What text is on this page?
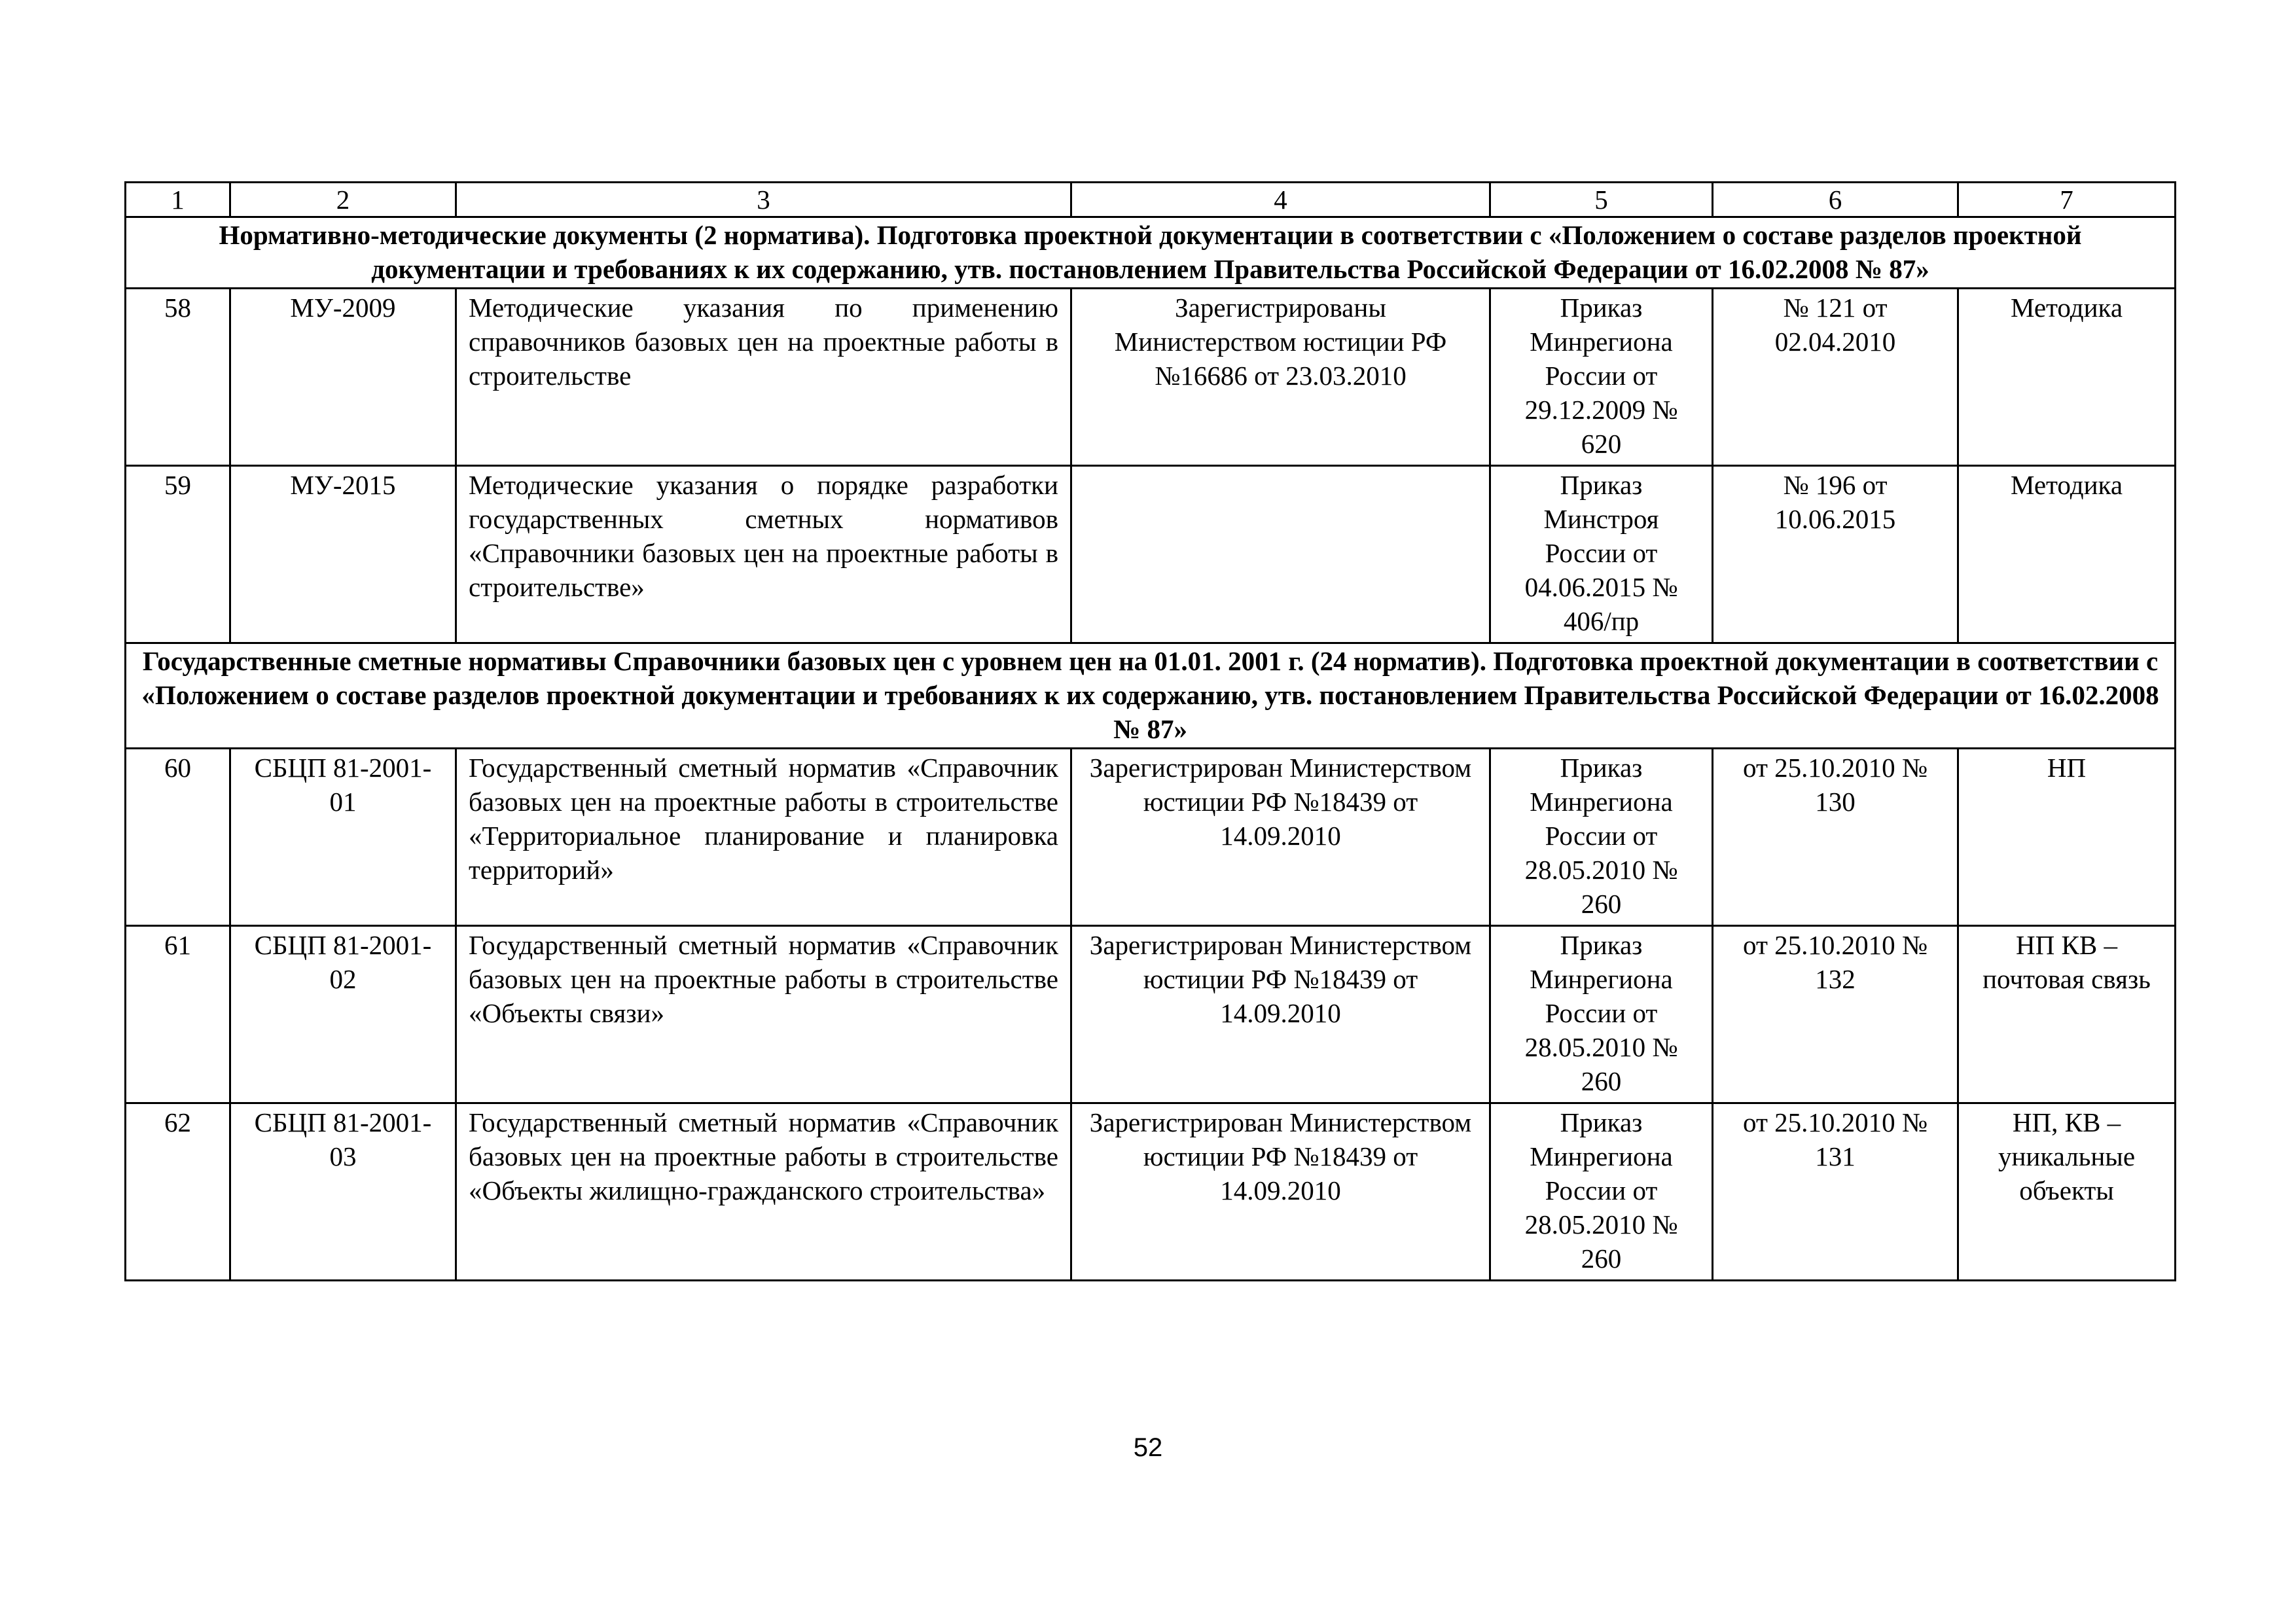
1	2	3	4	5	6	7
Нормативно-методические документы (2 норматива). Подготовка проектной документации в соответствии с «Положением о составе разделов проектной документации и требованиях к их содержанию, утв. постановлением Правительства Российской Федерации от 16.02.2008 № 87»						
58	МУ-2009	Методические указания по применению справочников базовых цен на проектные работы в строительстве	Зарегистрированы Министерством юстиции РФ №16686 от 23.03.2010	Приказ Минрегиона России от 29.12.2009 № 620	№ 121 от 02.04.2010	Методика
59	МУ-2015	Методические указания о порядке разработки государственных сметных нормативов «Справочники базовых цен на проектные работы в строительстве»		Приказ Минстроя России от 04.06.2015 № 406/пр	№ 196 от 10.06.2015	Методика
Государственные сметные нормативы Справочники базовых цен с уровнем цен на 01.01. 2001 г. (24 норматив). Подготовка проектной документации в соответствии с «Положением о составе разделов проектной документации и требованиях к их содержанию, утв. постановлением Правительства Российской Федерации от 16.02.2008 № 87»						
60	СБЦП 81-2001-01	Государственный сметный норматив «Справочник базовых цен на проектные работы в строительстве «Территориальное планирование и планировка территорий»	Зарегистрирован Министерством юстиции РФ №18439 от 14.09.2010	Приказ Минрегиона России от 28.05.2010 № 260	от 25.10.2010 № 130	НП
61	СБЦП 81-2001-02	Государственный сметный норматив «Справочник базовых цен на проектные работы в строительстве «Объекты связи»	Зарегистрирован Министерством юстиции РФ №18439 от 14.09.2010	Приказ Минрегиона России от 28.05.2010 № 260	от 25.10.2010 № 132	НП КВ – почтовая связь
62	СБЦП 81-2001-03	Государственный сметный норматив «Справочник базовых цен на проектные работы в строительстве «Объекты жилищно-гражданского строительства»	Зарегистрирован Министерством юстиции РФ №18439 от 14.09.2010	Приказ Минрегиона России от 28.05.2010 № 260	от 25.10.2010 № 131	НП, КВ – уникальные объекты
52
